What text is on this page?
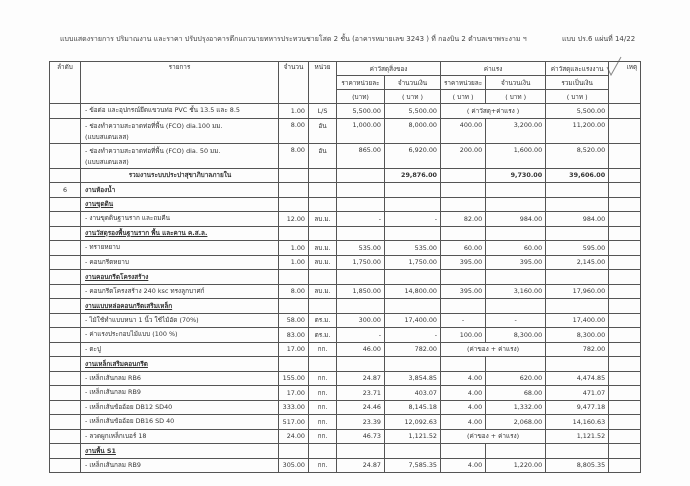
แบบแสดงรายการ ปริมาณงาน และราคา ปรับปรุงอาคารตึกแถวนายทหารประทวนชายโสด 2 ชั้น (อาคารหมายเลข 3243 ) ที่ กองบิน 2 ตำบลเขาพระงาม ฯ	แบบ ปร.6 แผ่นที่ 14/22
ลำดับ	รายการ	จำนวน	หน่วย	ค่าวัสดุสิ่งของ		ค่าแรง		ค่าวัสดุและแรงงาน	เหตุ
				ราคาหน่วยละ	จำนวนเงิน	ราคาหน่วยละ	จำนวนเงิน	รวมเป็นเงิน	
				(บาท)	( บาท )	( บาท )	( บาท )	( บาท )	

	- ข้อต่อ และอุปกรณ์ยึดแขวนท่อ PVC ชั้น 13.5 และ 8.5	1.00	L/S	5,500.00	5,500.00	( ค่าวัสดุ+ค่าแรง )		5,500.00	

	- ช่องทำความสะอาดท่อที่พื้น (FCO) dia.100 มม.
(แบบสแตนเลส)	8.00	อัน	1,000.00	8,000.00	400.00	3,200.00	11,200.00	

	- ช่องทำความสะอาดท่อที่พื้น (FCO) dia. 50 มม.
(แบบสแตนเลส)	8.00	อัน	865.00	6,920.00	200.00	1,600.00	8,520.00	
	รวมงานระบบประปาสุขาภิบาลภายใน				29,876.00		9,730.00	39,606.00	
6	งานห้องน้ำ								
	งานขุดดิน								

	- งานขุดดินฐานราก และถมคืน	12.00	ลบ.ม.	-	-	82.00	984.00	984.00	
	งานวัสดุรองพื้นฐานราก พื้น และคาน ค.ส.ล.								

	- ทรายหยาบ	1.00	ลบ.ม.	535.00	535.00	60.00	60.00	595.00	

	- คอนกรีตหยาบ	1.00	ลบ.ม.	1,750.00	1,750.00	395.00	395.00	2,145.00	
	งานคอนกรีตโครงสร้าง								

	- คอนกรีตโครงสร้าง 240 ksc ทรงลูกบาศก์	8.00	ลบ.ม.	1,850.00	14,800.00	395.00	3,160.00	17,960.00	
	งานแบบหล่อคอนกรีตเสริมเหล็ก								

	- ไม้ใช้ทำแบบหนา 1 นิ้ว ใช้ไม้อัด (70%)	58.00	ตร.ม.	300.00	17,400.00	-	-	17,400.00	

	- ค่าแรงประกอบไม้แบบ (100 %)	83.00	ตร.ม.	-	-	100.00	8,300.00	8,300.00	

	- ตะปู	17.00	กก.	46.00	782.00	(ค่าของ + ค่าแรง)		782.00	
	งานเหล็กเสริมคอนกรีต								

	- เหล็กเส้นกลม RB6	155.00	กก.	24.87	3,854.85	4.00	620.00	4,474.85	

	- เหล็กเส้นกลม RB9	17.00	กก.	23.71	403.07	4.00	68.00	471.07	

	- เหล็กเส้นข้ออ้อย DB12 SD40	333.00	กก.	24.46	8,145.18	4.00	1,332.00	9,477.18	

	- เหล็กเส้นข้ออ้อย DB16 SD 40	517.00	กก.	23.39	12,092.63	4.00	2,068.00	14,160.63	

	- ลวดผูกเหล็กเบอร์ 18	24.00	กก.	46.73	1,121.52	(ค่าของ + ค่าแรง)		1,121.52	
	งานพื้น S1								

	- เหล็กเส้นกลม RB9	305.00	กก.	24.87	7,585.35	4.00	1,220.00	8,805.35	
